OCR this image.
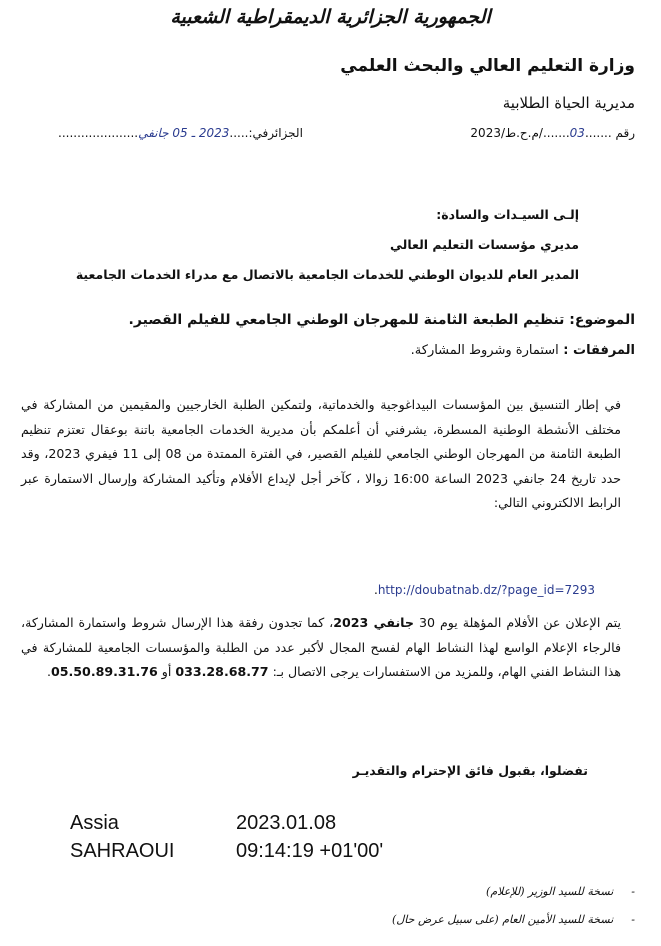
الجمهورية الجزائرية الديمقراطية الشعبية
وزارة التعليم العالي والبحث العلمي
مديرية الحياة الطلابية
رقم .......03......./م.ح.ط/2023
الجزائرفي:.....2023 ـ 05 جانفي.....................
إلـى السيـدات والسادة:
مديري مؤسسات التعليم العالي
المدير العام للديوان الوطني للخدمات الجامعية بالاتصال مع مدراء الخدمات الجامعية
الموضوع: تنظيم الطبعة الثامنة للمهرجان الوطني الجامعي للفيلم القصير.
المرفقات : استمارة وشروط المشاركة.
في إطار التنسيق بين المؤسسات البيداغوجية والخدماتية، ولتمكين الطلبة الخارجيين والمقيمين من المشاركة في مختلف الأنشطة الوطنية المسطرة، يشرفني أن أعلمكم بأن مديرية الخدمات الجامعية باتنة بوعقال تعتزم تنظيم الطبعة الثامنة من المهرجان الوطني الجامعي للفيلم القصير، في الفترة الممتدة من 08 إلى 11 فيفري 2023، وقد حدد تاريخ 24 جانفي 2023 الساعة 16:00 زوالا ، كآخر أجل لإيداع الأفلام وتأكيد المشاركة وإرسال الاستمارة عبر الرابط الالكتروني التالي:
.http://doubatnab.dz/?page_id=7293
يتم الإعلان عن الأفلام المؤهلة يوم 30 جانفي 2023، كما تجدون رفقة هذا الإرسال شروط واستمارة المشاركة، فالرجاء الإعلام الواسع لهذا النشاط الهام لفسح المجال لأكبر عدد من الطلبة والمؤسسات الجامعية للمشاركة في هذا النشاط الفني الهام، وللمزيد من الاستفسارات يرجى الاتصال بـ: 033.28.68.77 أو 05.50.89.31.76.
تفضلوا، بقبول فائق الإحترام والتقديـر
Assia
SAHRAOUI
2023.01.08
09:14:19 +01'00'
-نسخة للسيد الوزير (للإعلام)
-نسخة للسيد الأمين العام (على سبيل عرض حال)
